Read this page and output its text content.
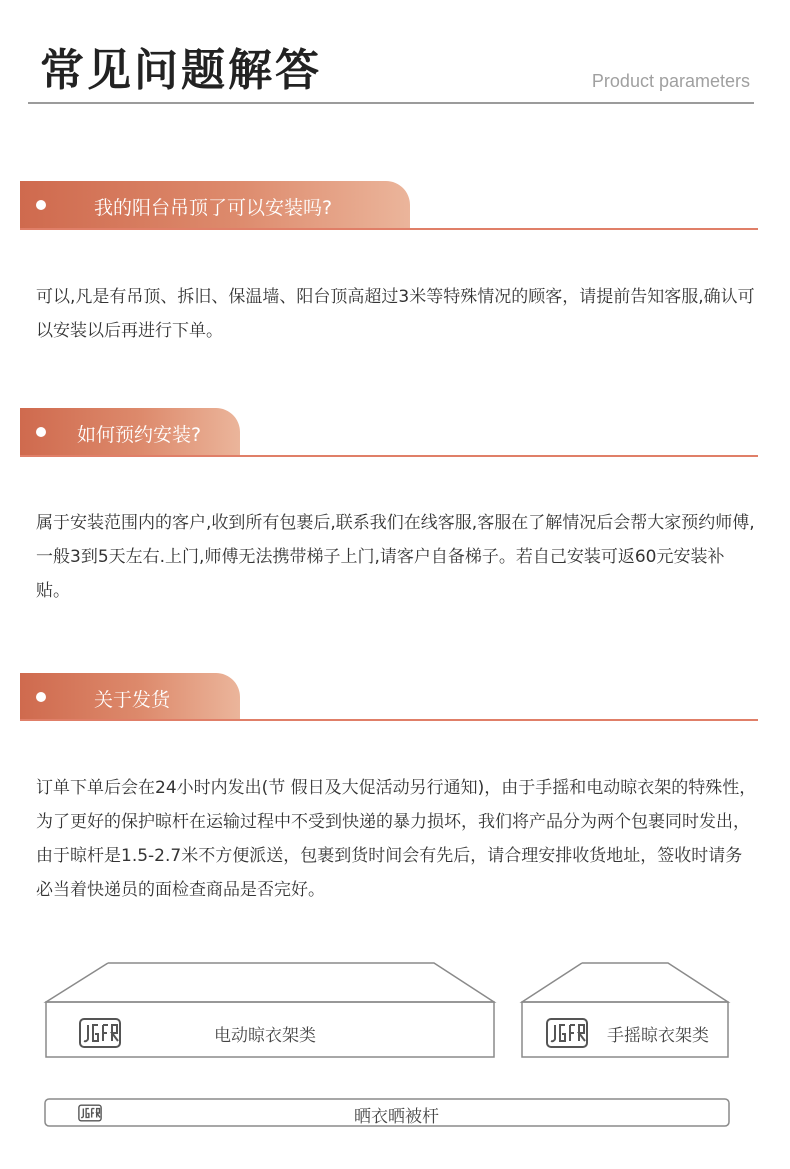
常见问题解答	Product parameters
我的阳台吊顶了可以安装吗?
可以,凡是有吊顶、拆旧、保温墙、阳台顶高超过3米等特殊情况的顾客，请提前告知客服,确认可以安装以后再进行下单。
如何预约安装?
属于安装范围内的客户,收到所有包裹后,联系我们在线客服,客服在了解情况后会帮大家预约师傅,一般3到5天左右.上门,师傅无法携带梯子上门,请客户自备梯子。若自己安装可返60元安装补贴。
关于发货
订单下单后会在24小时内发出(节 假日及大促活动另行通知)，由于手摇和电动晾衣架的特殊性，为了更好的保护晾杆在运输过程中不受到快递的暴力损坏，我们将产品分为两个包裹同时发出，由于晾杆是1.5-2.7米不方便派送，包裹到货时间会有先后，请合理安排收货地址，签收时请务必当着快递员的面检查商品是否完好。
电动晾衣架类	手摇晾衣架类
晒衣晒被杆
